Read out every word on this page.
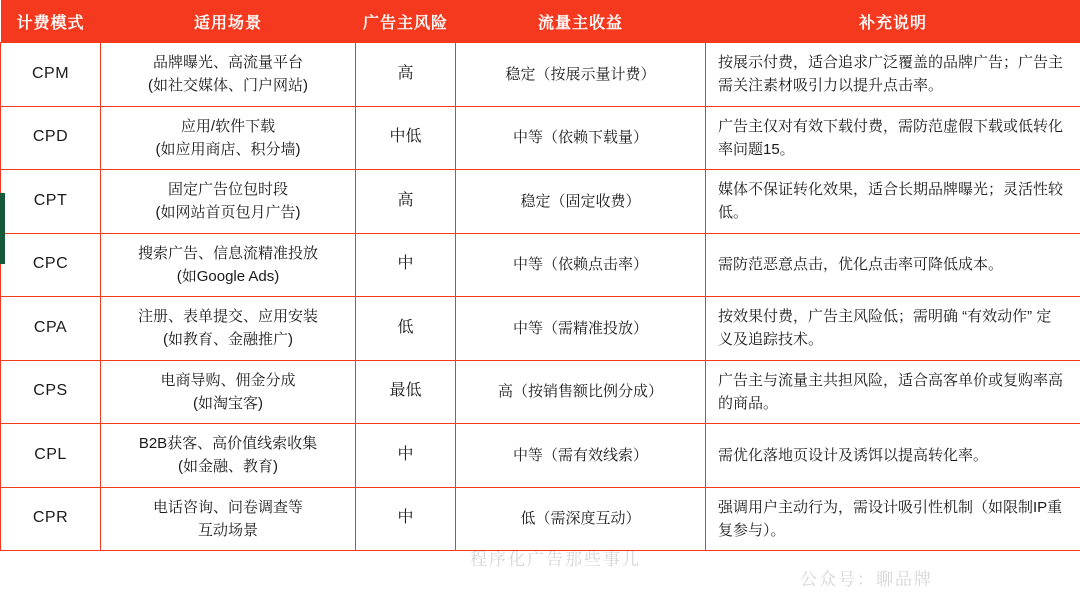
计费模式	适用场景	广告主风险	流量主收益	补充说明
CPM	品牌曝光、高流量平台
(如社交媒体、门户网站)	高	稳定（按展示量计费）	按展示付费，适合追求广泛覆盖的品牌广告；广告主需关注素材吸引力以提升点击率。
CPD	应用/软件下载
(如应用商店、积分墙)	中低	中等（依赖下载量）	广告主仅对有效下载付费，需防范虚假下载或低转化率问题15。
CPT	固定广告位包时段
(如网站首页包月广告)	高	稳定（固定收费）	媒体不保证转化效果，适合长期品牌曝光；灵活性较低。
CPC	搜索广告、信息流精准投放
(如Google Ads)	中	中等（依赖点击率）	需防范恶意点击，优化点击率可降低成本。
CPA	注册、表单提交、应用安装
(如教育、金融推广)	低	中等（需精准投放）	按效果付费，广告主风险低；需明确 “有效动作” 定义及追踪技术。
CPS	电商导购、佣金分成
(如淘宝客)	最低	高（按销售额比例分成）	广告主与流量主共担风险，适合高客单价或复购率高的商品。
CPL	B2B获客、高价值线索收集
(如金融、教育)	中	中等（需有效线索）	需优化落地页设计及诱饵以提高转化率。
CPR	电话咨询、问卷调查等
互动场景	中	低（需深度互动）	强调用户主动行为，需设计吸引性机制（如限制IP重复参与）。
程序化广告那些事儿
公众号：聊品牌
